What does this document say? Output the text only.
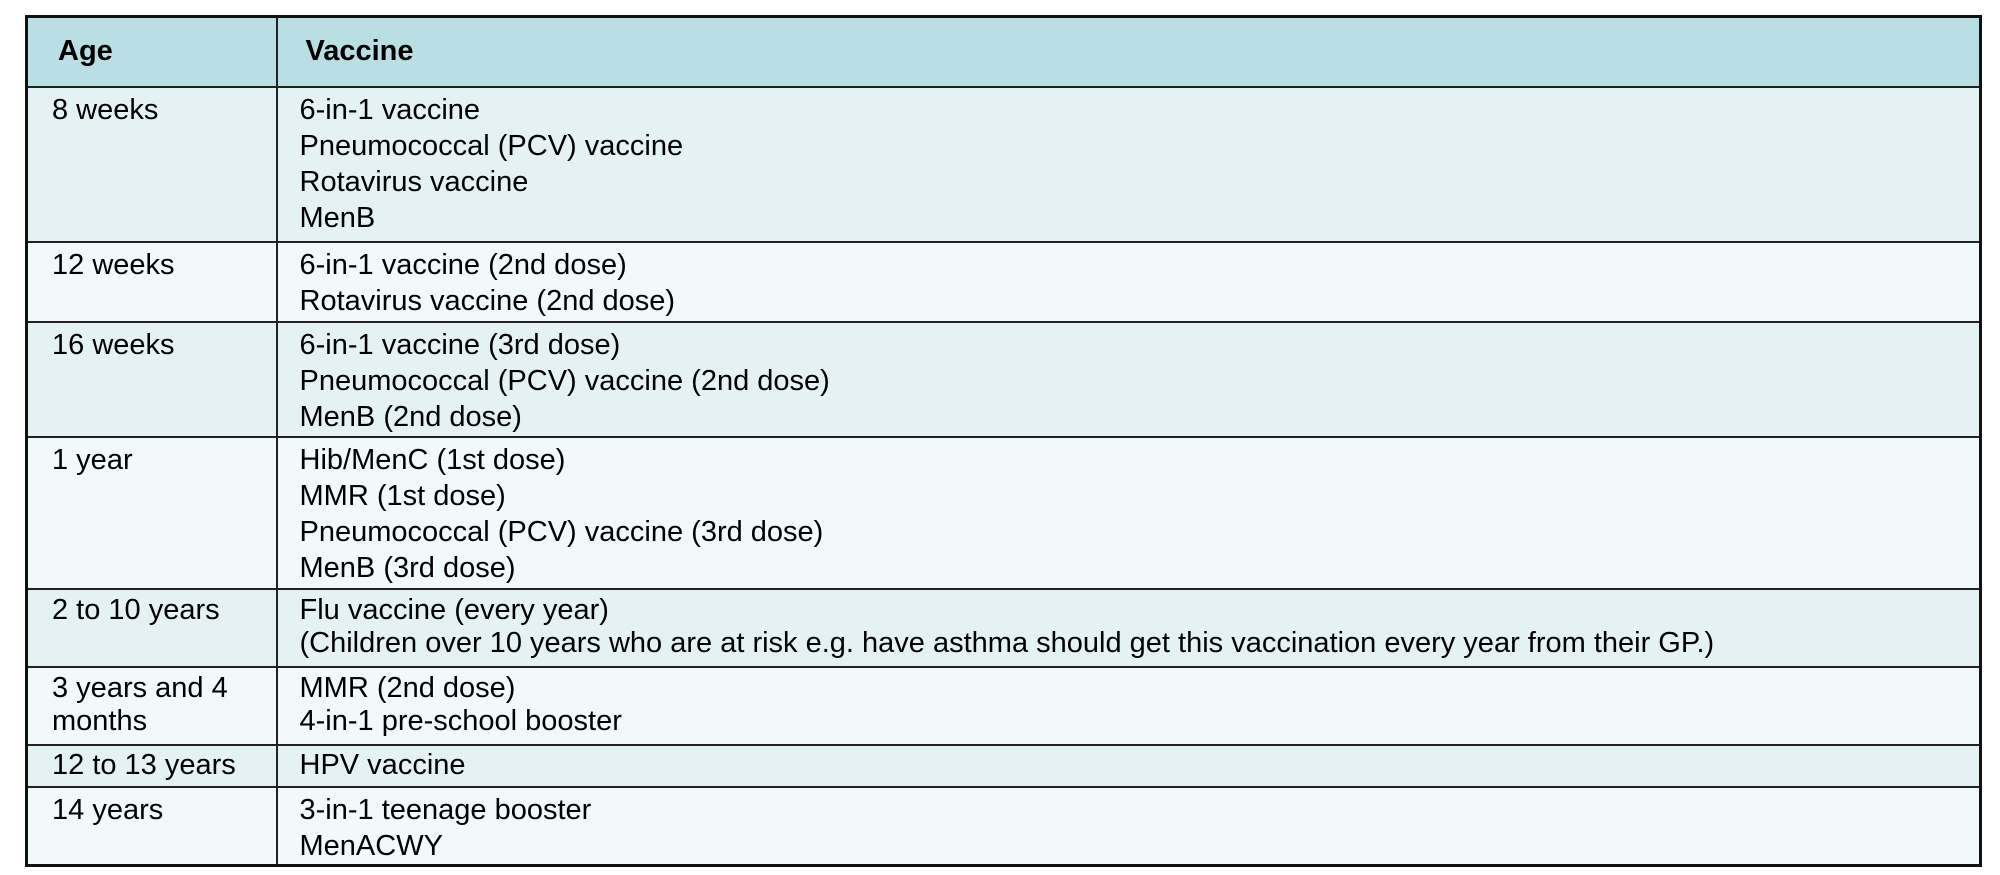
Age	Vaccine
8 weeks	6-in-1 vaccine
Pneumococcal (PCV) vaccine
Rotavirus vaccine
MenB

12 weeks	6-in-1 vaccine (2nd dose)
Rotavirus vaccine (2nd dose)

16 weeks	6-in-1 vaccine (3rd dose)
Pneumococcal (PCV) vaccine (2nd dose)
MenB (2nd dose)

1 year	Hib/MenC (1st dose)
MMR (1st dose)
Pneumococcal (PCV) vaccine (3rd dose)
MenB (3rd dose)

2 to 10 years	Flu vaccine (every year)
(Children over 10 years who are at risk e.g. have asthma should get this vaccination every year from their GP.)

3 years and 4 months	MMR (2nd dose)
4-in-1 pre-school booster

12 to 13 years	HPV vaccine

14 years	3-in-1 teenage booster
MenACWY
